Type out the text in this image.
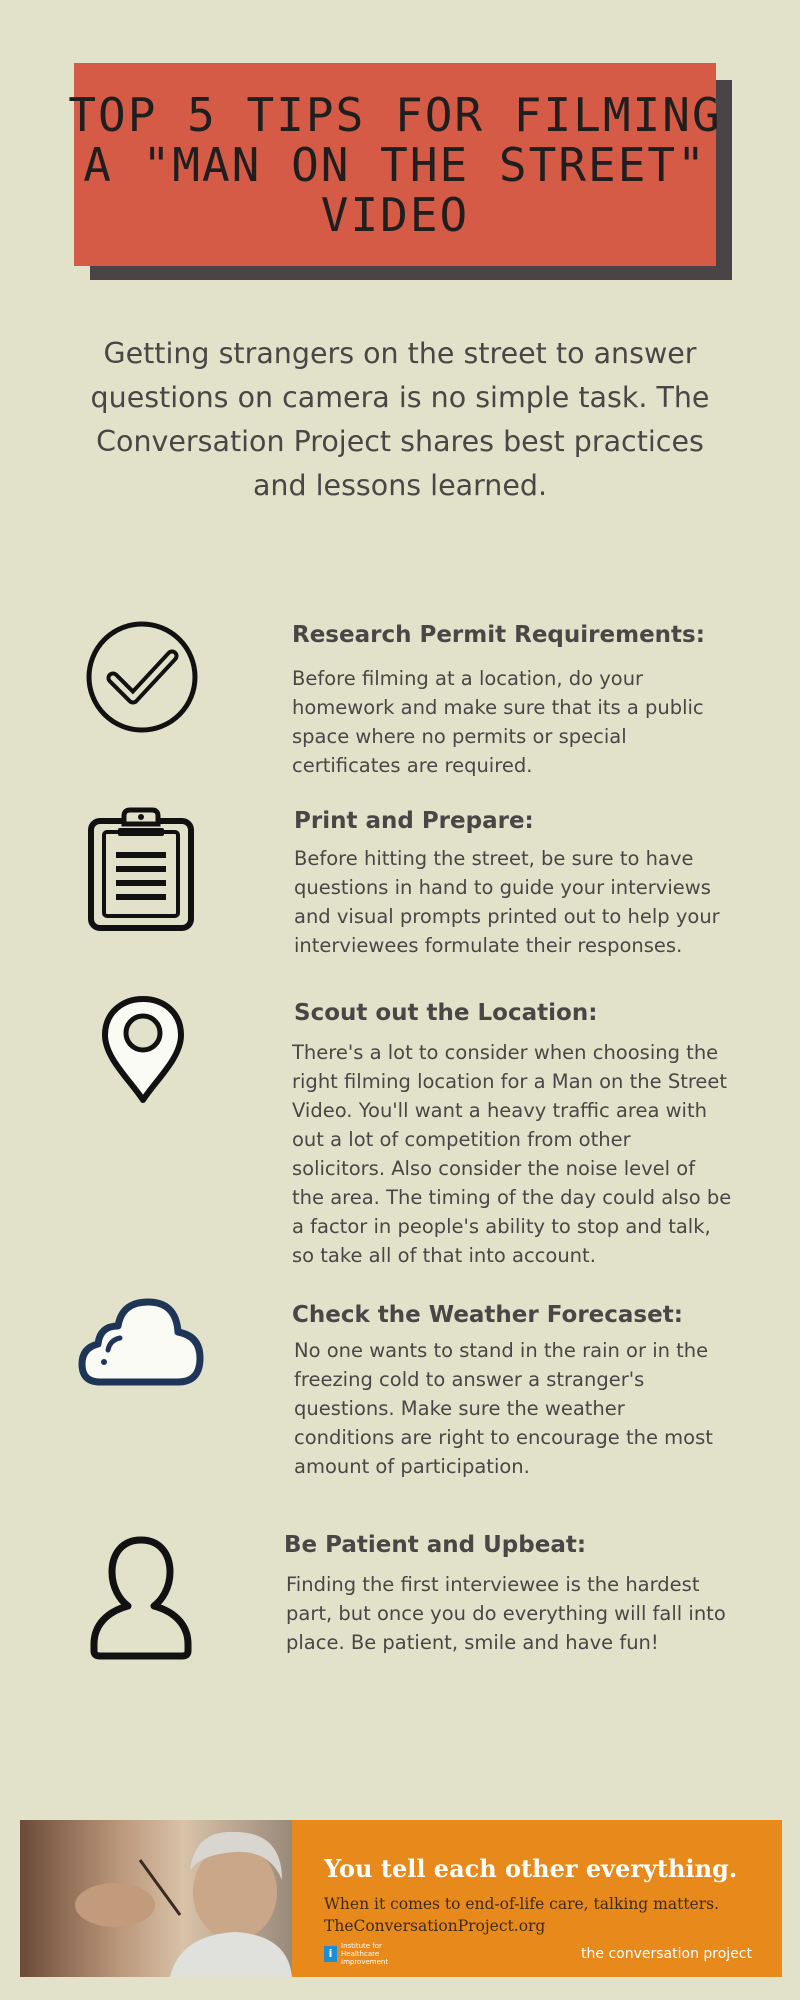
TOP 5 TIPS FOR FILMING
A "MAN ON THE STREET"
VIDEO
Getting strangers on the street to answer
questions on camera is no simple task. The
Conversation Project shares best practices
and lessons learned.
Research Permit Requirements:
Before filming at a location, do your
homework and make sure that its a public
space where no permits or special
certificates are required.
Print and Prepare:
Before hitting the street, be sure to have
questions in hand to guide your interviews
and visual prompts printed out to help your
interviewees formulate their responses.
Scout out the Location:
There's a lot to consider when choosing the
right filming location for a Man on the Street
Video. You'll want a heavy traffic area with
out a lot of competition from other
solicitors. Also consider the noise level of
the area. The timing of the day could also be
a factor in people's ability to stop and talk,
so take all of that into account.
Check the Weather Forecaset:
No one wants to stand in the rain or in the
freezing cold to answer a stranger's
questions. Make sure the weather
conditions are right to encourage the most
amount of participation.
Be Patient and Upbeat:
Finding the first interviewee is the hardest
part, but once you do everything will fall into
place. Be patient, smile and have fun!
You tell each other everything.
When it comes to end-of-life care, talking matters.
TheConversationProject.org
i
Institute for
Healthcare
Improvement	the conversation project
